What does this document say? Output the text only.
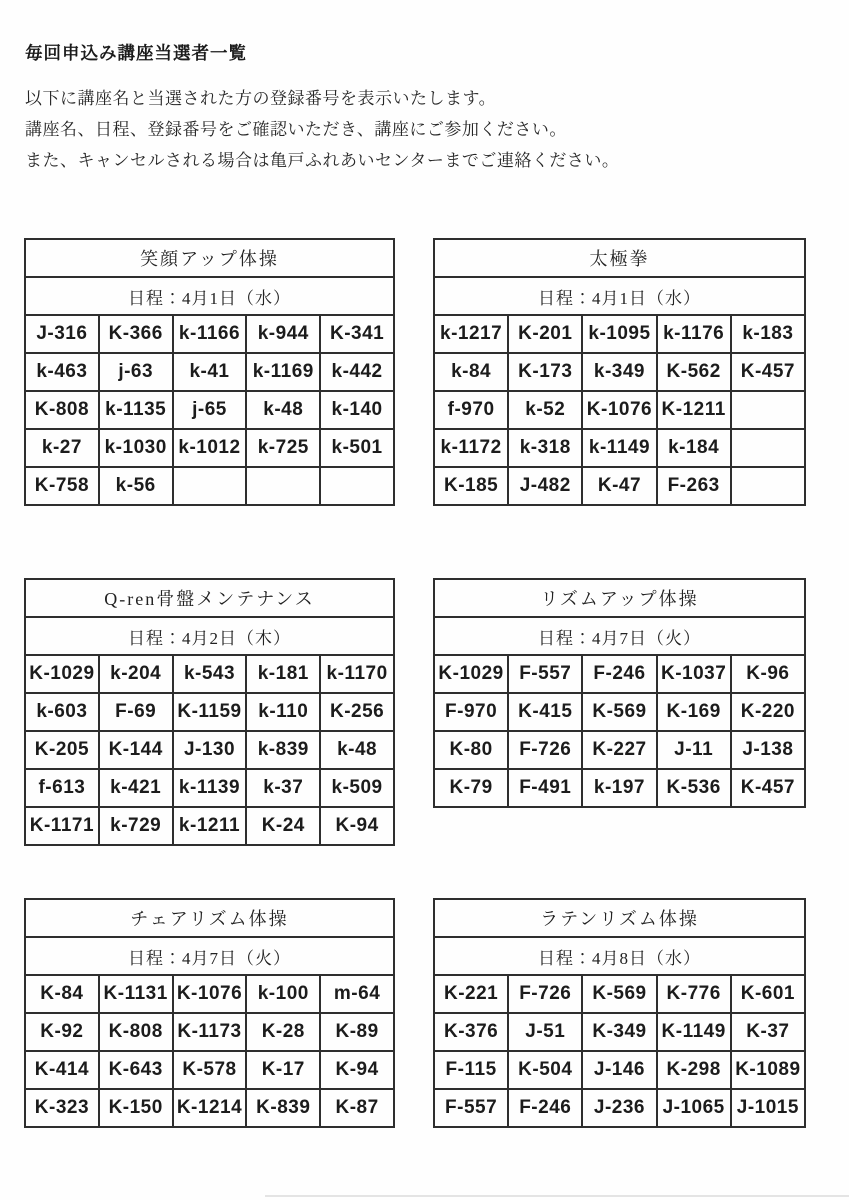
毎回申込み講座当選者一覧

以下に講座名と当選された方の登録番号を表示いたします。

講座名、日程、登録番号をご確認いただき、講座にご参加ください。

また、キャンセルされる場合は亀戸ふれあいセンターまでご連絡ください。

笑顔アップ体操				
日程：4月1日（水）				
J-316	K-366	k-1166	k-944	K-341
k-463	j-63	k-41	k-1169	k-442
K-808	k-1135	j-65	k-48	k-140
k-27	k-1030	k-1012	k-725	k-501
K-758	k-56			
太極拳				
日程：4月1日（水）				
k-1217	K-201	k-1095	k-1176	k-183
k-84	K-173	k-349	K-562	K-457
f-970	k-52	K-1076	K-1211	
k-1172	k-318	k-1149	k-184	
K-185	J-482	K-47	F-263	
Q-ren骨盤メンテナンス				
日程：4月2日（木）				
K-1029	k-204	k-543	k-181	k-1170
k-603	F-69	K-1159	k-110	K-256
K-205	K-144	J-130	k-839	k-48
f-613	k-421	k-1139	k-37	k-509
K-1171	k-729	k-1211	K-24	K-94
リズムアップ体操				
日程：4月7日（火）				
K-1029	F-557	F-246	K-1037	K-96
F-970	K-415	K-569	K-169	K-220
K-80	F-726	K-227	J-11	J-138
K-79	F-491	k-197	K-536	K-457
チェアリズム体操				
日程：4月7日（火）				
K-84	K-1131	K-1076	k-100	m-64
K-92	K-808	K-1173	K-28	K-89
K-414	K-643	K-578	K-17	K-94
K-323	K-150	K-1214	K-839	K-87
ラテンリズム体操				
日程：4月8日（水）				
K-221	F-726	K-569	K-776	K-601
K-376	J-51	K-349	K-1149	K-37
F-115	K-504	J-146	K-298	K-1089
F-557	F-246	J-236	J-1065	J-1015
